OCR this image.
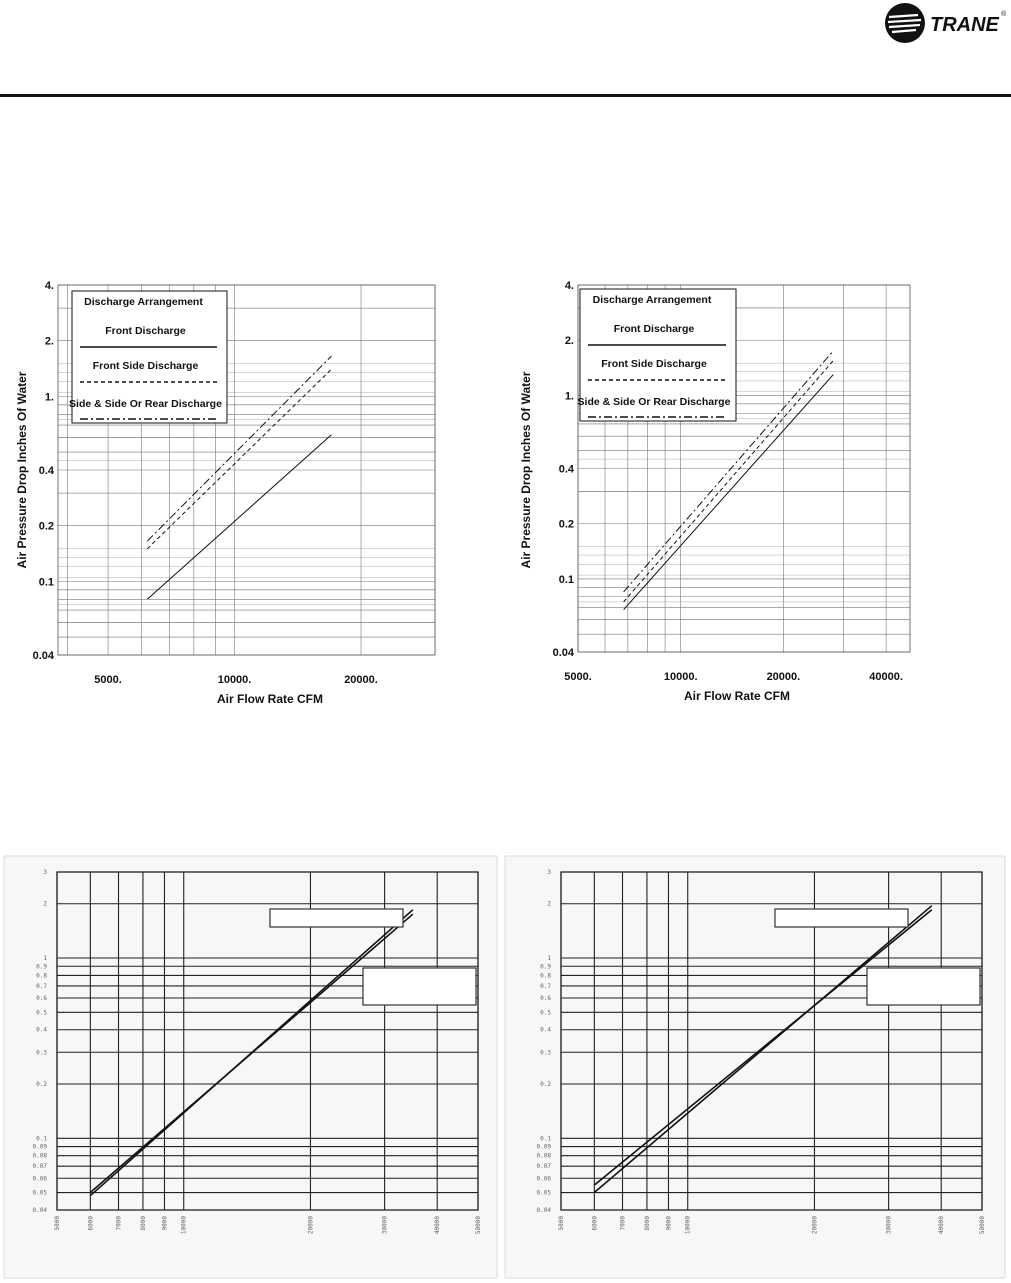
TRANE ®
4.
2.
1.
0.4
0.2
0.1
0.04
5000.	10000.	20000.
Air Flow Rate CFM
Air Pressure Drop Inches Of Water
Discharge Arrangement
Front Discharge
Front Side Discharge
Side & Side Or Rear Discharge
4.
2.
1.
0.4
0.2
0.1
0.04
5000.	10000.	20000.	40000.
Air Flow Rate CFM
Air Pressure Drop Inches Of Water
Discharge Arrangement
Front Discharge
Front Side Discharge
Side & Side Or Rear Discharge
3
2
1
0.9
0.8
0.7
0.6
0.5
0.4
0.3
0.2
0.1
0.09
0.08
0.07
0.06
0.05
0.04
5000	6000	7000	8000 9000 10000	20000	30000	40000	50000
3
2
1
0.9
0.8
0.7
0.6
0.5
0.4
0.3
0.2
0.1
0.09
0.08
0.07
0.06
0.05
0.04
5000	6000	7000	8000 9000 10000	20000	30000	40000	50000
